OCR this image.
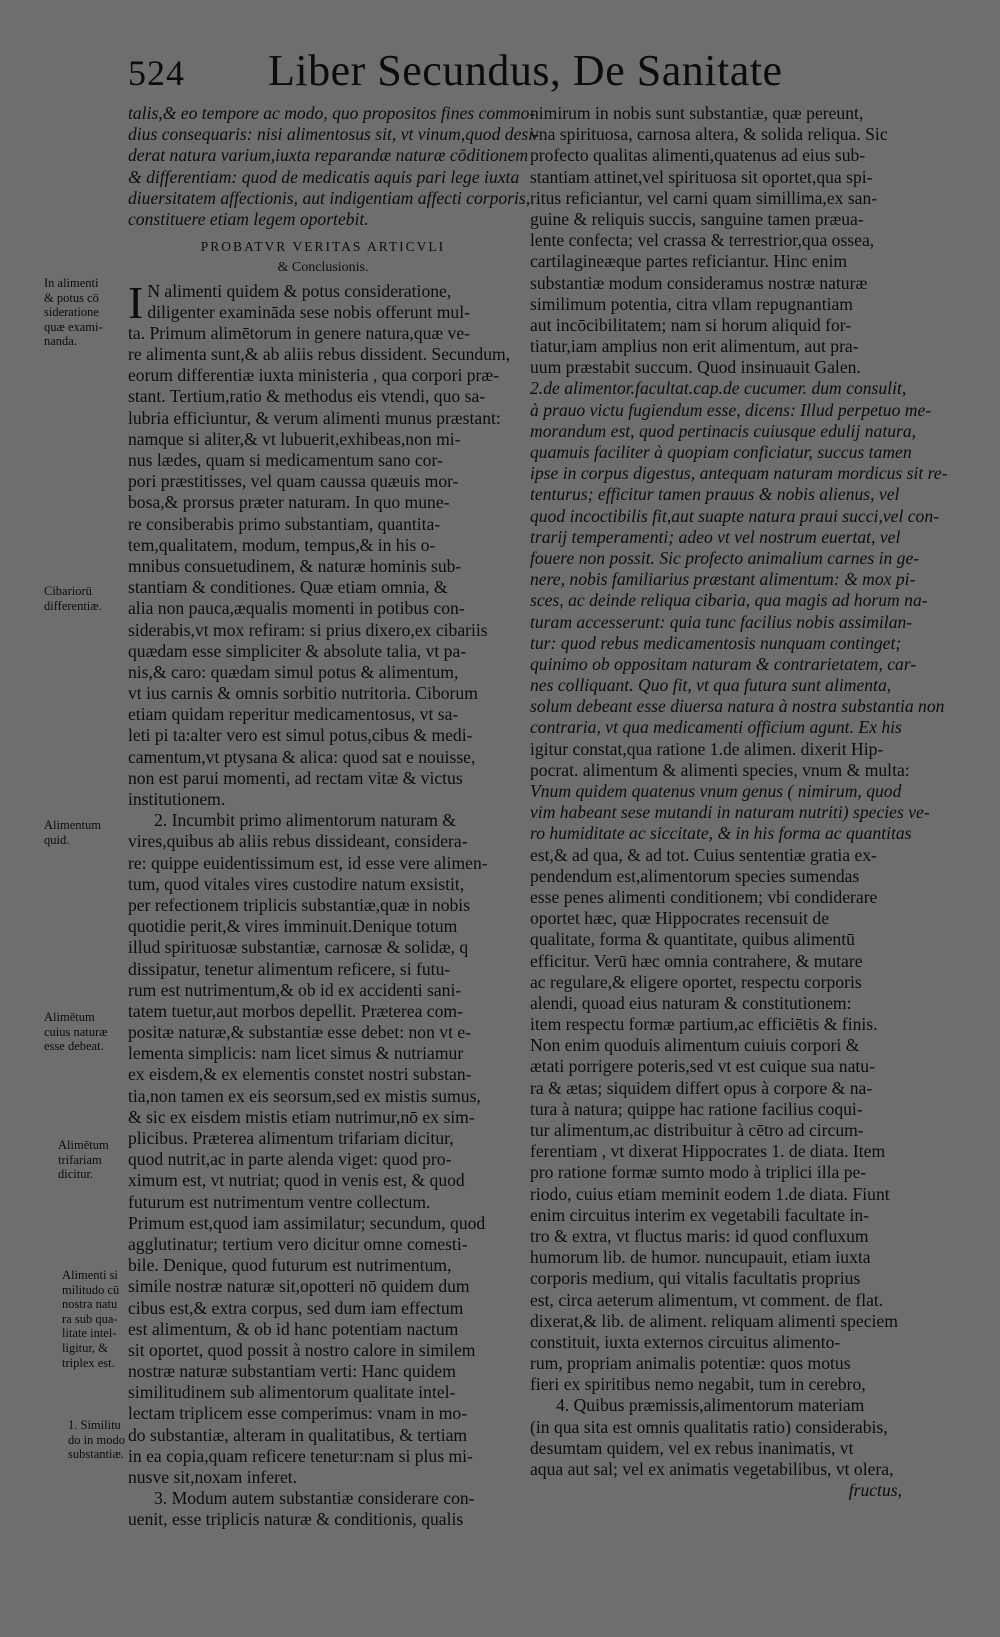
524 Liber Secundus, De Sanitate
talis,& eo tempore ac modo, quo propositos fines commo-
dius consequaris: nisi alimentosus sit, vt vinum,quod desi-
derat natura varium,iuxta reparandæ naturæ cōditionem
& differentiam: quod de medicatis aquis pari lege iuxta
diuersitatem affectionis, aut indigentiam affecti corporis,
constituere etiam legem oportebit.
PROBATVR VERITAS ARTICVLI
& Conclusionis.
I N alimenti quidem & potus consideratione,
diligenter examināda sese nobis offerunt mul-
ta. Primum alimētorum in genere natura,quæ ve-
re alimenta sunt,& ab aliis rebus dissident. Secundum,
eorum differentiæ iuxta ministeria , qua corpori præ-
stant. Tertium,ratio & methodus eis vtendi, quo sa-
lubria efficiuntur, & verum alimenti munus præstant:
namque si aliter,& vt lubuerit,exhibeas,non mi-
nus lædes, quam si medicamentum sano cor-
pori præstitisses, vel quam caussa quæuis mor-
bosa,& prorsus præter naturam. In quo mune-
re consiberabis primo substantiam, quantita-
tem,qualitatem, modum, tempus,& in his o-
mnibus consuetudinem, & naturæ hominis sub-
stantiam & conditiones. Quæ etiam omnia, &
alia non pauca,æqualis momenti in potibus con-
siderabis,vt mox refiram: si prius dixero,ex cibariis
quædam esse simpliciter & absolute talia, vt pa-
nis,& caro: quædam simul potus & alimentum,
vt ius carnis & omnis sorbitio nutritoria. Ciborum
etiam quidam reperitur medicamentosus, vt sa-
leti pi ta:alter vero est simul potus,cibus & medi-
camentum,vt ptysana & alica: quod sat e nouisse,
non est parui momenti, ad rectam vitæ & victus
institutionem.
2. Incumbit primo alimentorum naturam &
vires,quibus ab aliis rebus dissideant, considera-
re: quippe euidentissimum est, id esse vere alimen-
tum, quod vitales vires custodire natum exsistit,
per refectionem triplicis substantiæ,quæ in nobis
quotidie perit,& vires imminuit.Denique totum
illud spirituosæ substantiæ, carnosæ & solidæ, q
dissipatur, tenetur alimentum reficere, si futu-
rum est nutrimentum,& ob id ex accidenti sani-
tatem tuetur,aut morbos depellit. Præterea com-
positæ naturæ,& substantiæ esse debet: non vt e-
lementa simplicis: nam licet simus & nutriamur
ex eisdem,& ex elementis constet nostri substan-
tia,non tamen ex eis seorsum,sed ex mistis sumus,
& sic ex eisdem mistis etiam nutrimur,nō ex sim-
plicibus. Præterea alimentum trifariam dicitur,
quod nutrit,ac in parte alenda viget: quod pro-
ximum est, vt nutriat; quod in venis est, & quod
futurum est nutrimentum ventre collectum.
Primum est,quod iam assimilatur; secundum, quod
agglutinatur; tertium vero dicitur omne comesti-
bile. Denique, quod futurum est nutrimentum,
simile nostræ naturæ sit,opotteri nō quidem dum
cibus est,& extra corpus, sed dum iam effectum
est alimentum, & ob id hanc potentiam nactum
sit oportet, quod possit à nostro calore in similem
nostræ naturæ substantiam verti: Hanc quidem
similitudinem sub alimentorum qualitate intel-
lectam triplicem esse comperimus: vnam in mo-
do substantiæ, alteram in qualitatibus, & tertiam
in ea copia,quam reficere tenetur:nam si plus mi-
nusve sit,noxam inferet.
3. Modum autem substantiæ considerare con-
uenit, esse triplicis naturæ & conditionis, qualis
In alimenti
& potus cō
sideratione
quæ exami-
nanda.
Cibariorū
differentiæ.
Alimentum
quid.
Alimētum
cuius naturæ
esse debeat.
Alimētum
trifariam
dicitur.
Alimenti si
militudo cū
nostra natu
ra sub qua-
litate intel-
ligitur, &
triplex est.
1. Similitu
do in modo
substantiæ.
nimirum in nobis sunt substantiæ, quæ pereunt,
vna spirituosa, carnosa altera, & solida reliqua. Sic
profecto qualitas alimenti,quatenus ad eius sub-
stantiam attinet,vel spirituosa sit oportet,qua spi-
ritus reficiantur, vel carni quam simillima,ex san-
guine & reliquis succis, sanguine tamen præua-
lente confecta; vel crassa & terrestrior,qua ossea,
cartilagineæque partes reficiantur. Hinc enim
substantiæ modum consideramus nostræ naturæ
similimum potentia, citra vllam repugnantiam
aut incōcibilitatem; nam si horum aliquid for-
tiatur,iam amplius non erit alimentum, aut pra-
uum præstabit succum. Quod insinuauit Galen.
2.de alimentor.facultat.cap.de cucumer. dum consulit,
à prauo victu fugiendum esse, dicens: Illud perpetuo me-
morandum est, quod pertinacis cuiusque edulij natura,
quamuis faciliter à quopiam conficiatur, succus tamen
ipse in corpus digestus, antequam naturam mordicus sit re-
tenturus; efficitur tamen prauus & nobis alienus, vel
quod incoctibilis fit,aut suapte natura praui succi,vel con-
trarij temperamenti; adeo vt vel nostrum euertat, vel
fouere non possit. Sic profecto animalium carnes in ge-
nere, nobis familiarius præstant alimentum: & mox pi-
sces, ac deinde reliqua cibaria, qua magis ad horum na-
turam accesserunt: quia tunc facilius nobis assimilan-
tur: quod rebus medicamentosis nunquam continget;
quinimo ob oppositam naturam & contrarietatem, car-
nes colliquant. Quo fit, vt qua futura sunt alimenta,
solum debeant esse diuersa natura à nostra substantia non
contraria, vt qua medicamenti officium agunt. Ex his
igitur constat,qua ratione 1.de alimen. dixerit Hip-
pocrat. alimentum & alimenti species, vnum & multa:
Vnum quidem quatenus vnum genus ( nimirum, quod
vim habeant sese mutandi in naturam nutriti) species ve-
ro humiditate ac siccitate, & in his forma ac quantitas
est,& ad qua, & ad tot. Cuius sententiæ gratia ex-
pendendum est,alimentorum species sumendas
esse penes alimenti conditionem; vbi condiderare
oportet hæc, quæ Hippocrates recensuit de
qualitate, forma & quantitate, quibus alimentū
efficitur. Verū hæc omnia contrahere, & mutare
ac regulare,& eligere oportet, respectu corporis
alendi, quoad eius naturam & constitutionem:
item respectu formæ partium,ac efficiētis & finis.
Non enim quoduis alimentum cuiuis corpori &
ætati porrigere poteris,sed vt est cuique sua natu-
ra & ætas; siquidem differt opus à corpore & na-
tura à natura; quippe hac ratione facilius coqui-
tur alimentum,ac distribuitur à cētro ad circum-
ferentiam , vt dixerat Hippocrates 1. de diata. Item
pro ratione formæ sumto modo à triplici illa pe-
riodo, cuius etiam meminit eodem 1.de diata. Fiunt
enim circuitus interim ex vegetabili facultate in-
tro & extra, vt fluctus maris: id quod confluxum
humorum lib. de humor. nuncupauit, etiam iuxta
corporis medium, qui vitalis facultatis proprius
est, circa aeterum alimentum, vt comment. de flat.
dixerat,& lib. de aliment. reliquam alimenti speciem
constituit, iuxta externos circuitus alimento-
rum, propriam animalis potentiæ: quos motus
fieri ex spiritibus nemo negabit, tum in cerebro,
4. Quibus præmissis,alimentorum materiam
(in qua sita est omnis qualitatis ratio) considerabis,
desumtam quidem, vel ex rebus inanimatis, vt
aqua aut sal; vel ex animatis vegetabilibus, vt olera,
fructus,
